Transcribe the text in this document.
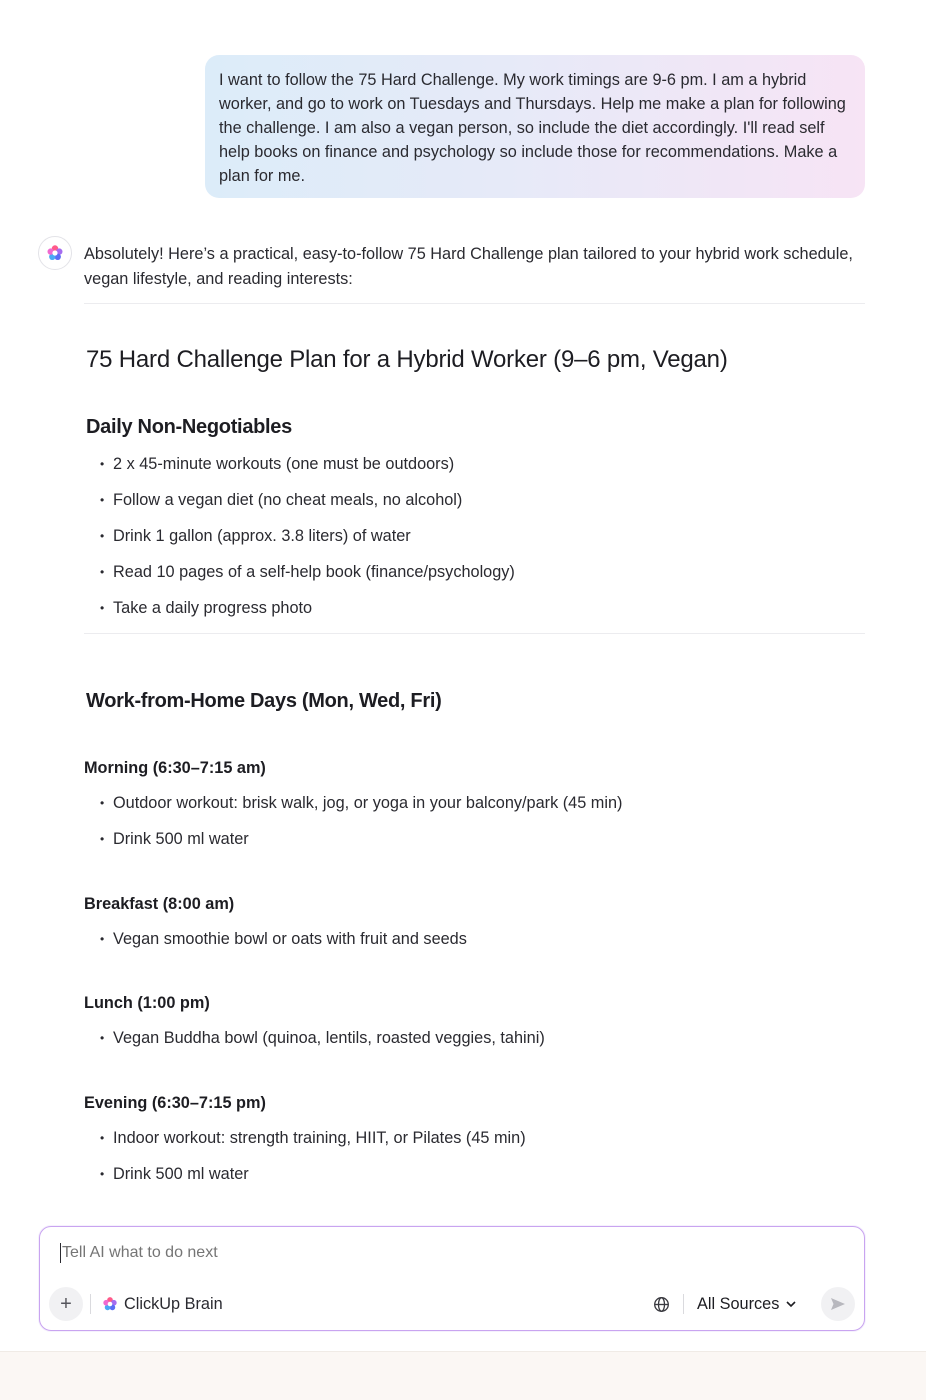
I want to follow the 75 Hard Challenge. My work timings are 9-6 pm. I am a hybrid worker, and go to work on Tuesdays and Thursdays. Help me make a plan for following the challenge. I am also a vegan person, so include the diet accordingly. I'll read self help books on finance and psychology so include those for recommendations. Make a plan for me.
Absolutely! Here’s a practical, easy-to-follow 75 Hard Challenge plan tailored to your hybrid work schedule, vegan lifestyle, and reading interests:
75 Hard Challenge Plan for a Hybrid Worker (9–6 pm, Vegan)
Daily Non-Negotiables
• 2 x 45-minute workouts (one must be outdoors)
• Follow a vegan diet (no cheat meals, no alcohol)
• Drink 1 gallon (approx. 3.8 liters) of water
• Read 10 pages of a self-help book (finance/psychology)
• Take a daily progress photo
Work-from-Home Days (Mon, Wed, Fri)
Morning (6:30–7:15 am)
• Outdoor workout: brisk walk, jog, or yoga in your balcony/park (45 min)
• Drink 500 ml water
Breakfast (8:00 am)
• Vegan smoothie bowl or oats with fruit and seeds
Lunch (1:00 pm)
• Vegan Buddha bowl (quinoa, lentils, roasted veggies, tahini)
Evening (6:30–7:15 pm)
• Indoor workout: strength training, HIIT, or Pilates (45 min)
• Drink 500 ml water
Tell AI what to do next
+	ClickUp Brain	All Sources
